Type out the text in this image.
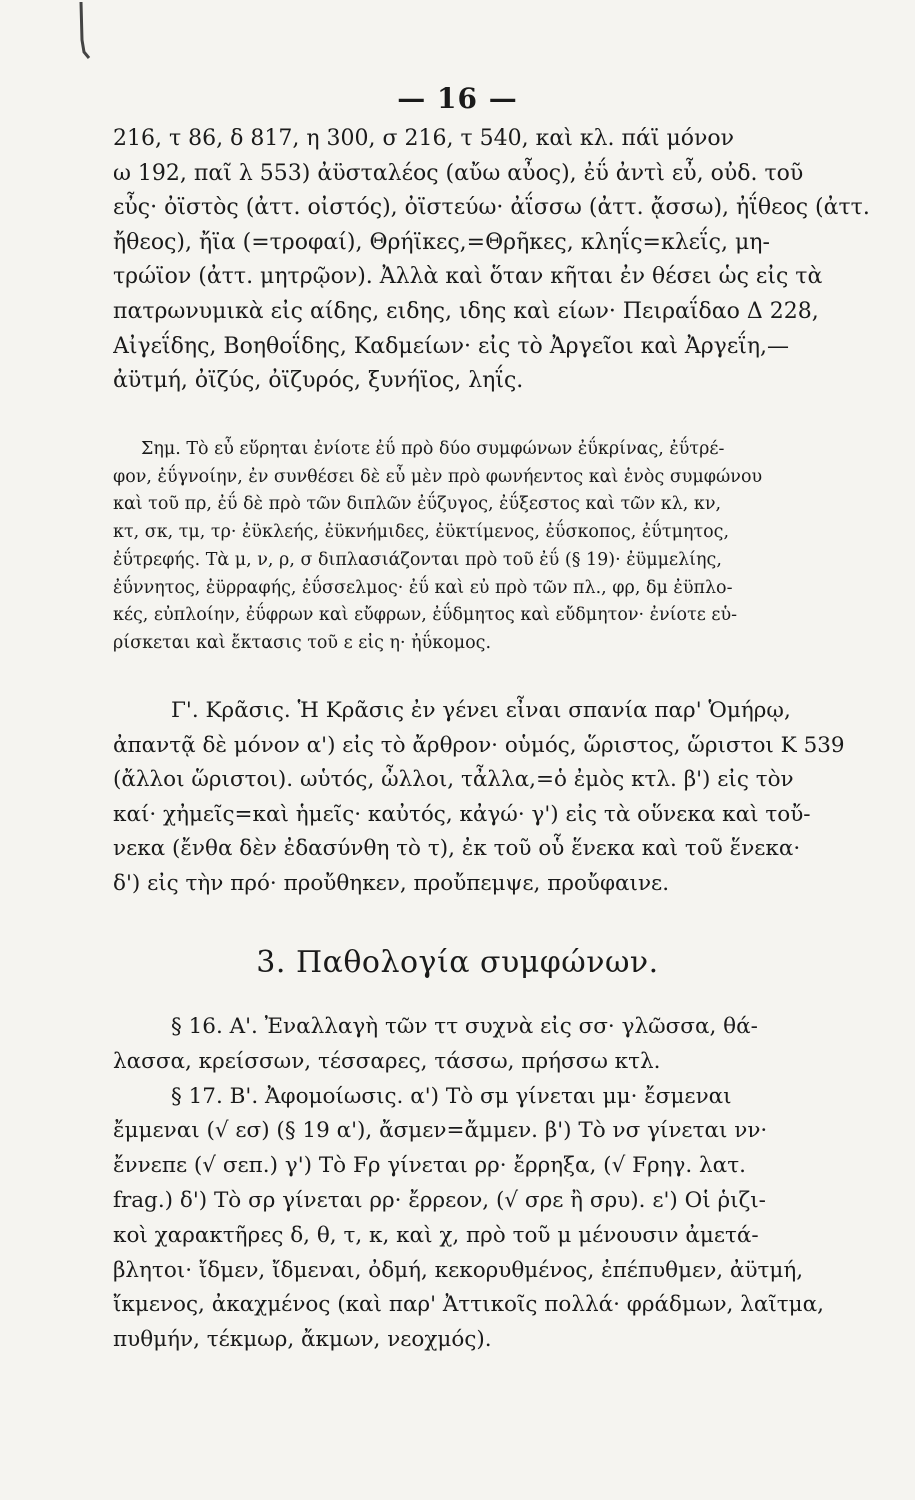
— 16 —
216, τ 86, δ 817, η 300, σ 216, τ 540, καὶ κλ. πάϊ μόνον
ω 192, παῖ λ 553) ἀϋσταλέος (αὔω αὖος), ἐΰ ἀντὶ εὖ, οὐδ. τοῦ
εὖς· ὀϊστὸς (ἀττ. οἰστός), ὀϊστεύω· ἀΐσσω (ἀττ. ᾄσσω), ἠΐθεος (ἀττ.
ἤθεος), ἤϊα (=τροφαί), Θρήϊκες,=Θρῆκες, κληΐς=κλεΐς, μη-
τρώϊον (ἀττ. μητρῷον). Ἀλλὰ καὶ ὅταν κῆται ἐν θέσει ὡς εἰς τὰ
πατρωνυμικὰ εἰς αίδης, ειδης, ιδης καὶ είων· Πειραΐδαο Δ 228,
Αἰγεΐδης, Βοηθοΐδης, Καδμείων· εἰς τὸ Ἀργεῖοι καὶ Ἀργεΐη,—
ἀϋτμή, ὀϊζύς, ὀϊζυρός, ξυνήϊος, ληΐς.
Σημ. Τὸ εὖ εὕρηται ἐνίοτε ἐΰ πρὸ δύο συμφώνων ἐΰκρίνας, ἐΰτρέ-
φον, ἐΰγνοίην, ἐν συνθέσει δὲ εὖ μὲν πρὸ φωνήεντος καὶ ἑνὸς συμφώνου
καὶ τοῦ πρ, ἐΰ δὲ πρὸ τῶν διπλῶν ἐΰζυγος, ἐΰξεστος καὶ τῶν κλ, κν,
κτ, σκ, τμ, τρ· ἐϋκλεής, ἐϋκνήμιδες, ἐϋκτίμενος, ἐΰσκοπος, ἐΰτμητος,
ἐΰτρεφής. Τὰ μ, ν, ρ, σ διπλασιάζονται πρὸ τοῦ ἐΰ (§ 19)· ἐϋμμελίης,
ἐΰννητος, ἐϋρραφής, ἐΰσσελμος· ἐΰ καὶ εὐ πρὸ τῶν πλ., φρ, δμ ἐϋπλο-
κές, εὐπλοίην, ἐΰφρων καὶ εὔφρων, ἐΰδμητος καὶ εὔδμητον· ἐνίοτε εὑ-
ρίσκεται καὶ ἔκτασις τοῦ ε εἰς η· ἠΰκομος.
Γ'. Κρᾶσις. Ἡ Κρᾶσις ἐν γένει εἶναι σπανία παρ' Ὁμήρῳ,
ἀπαντᾷ δὲ μόνον α') εἰς τὸ ἄρθρον· οὑμός, ὥριστος, ὥριστοι Κ 539
(ἄλλοι ὥριστοι). ωὑτός, ὦλλοι, τἆλλα,=ὁ ἐμὸς κτλ. β') εἰς τὸν
καί· χἠμεῖς=καὶ ἡμεῖς· καὐτός, κἀγώ· γ') εἰς τὰ οὕνεκα καὶ τοὔ-
νεκα (ἔνθα δὲν ἐδασύνθη τὸ τ), ἐκ τοῦ οὗ ἕνεκα καὶ τοῦ ἕνεκα·
δ') εἰς τὴν πρό· προὔθηκεν, προὔπεμψε, προὔφαινε.
3. Παθολογία συμφώνων.
§ 16. Α'. Ἐναλλαγὴ τῶν ττ συχνὰ εἰς σσ· γλῶσσα, θά-
λασσα, κρείσσων, τέσσαρες, τάσσω, πρήσσω κτλ.
§ 17. Β'. Ἀφομοίωσις. α') Τὸ σμ γίνεται μμ· ἔσμεναι
ἔμμεναι (√ εσ) (§ 19 α'), ἄσμεν=ἄμμεν. β') Τὸ νσ γίνεται νν·
ἔννεπε (√ σεπ.) γ') Τὸ Fρ γίνεται ρρ· ἔρρηξα, (√ Fρηγ. λατ.
frag.) δ') Τὸ σρ γίνεται ρρ· ἔρρεον, (√ σρε ἢ σρυ). ε') Οἱ ῥιζι-
κοὶ χαρακτῆρες δ, θ, τ, κ, καὶ χ, πρὸ τοῦ μ μένουσιν ἀμετά-
βλητοι· ἴδμεν, ἴδμεναι, ὀδμή, κεκορυθμένος, ἐπέπυθμεν, ἀϋτμή,
ἴκμενος, ἀκαχμένος (καὶ παρ' Ἀττικοῖς πολλά· φράδμων, λαῖτμα,
πυθμήν, τέκμωρ, ἄκμων, νεοχμός).
